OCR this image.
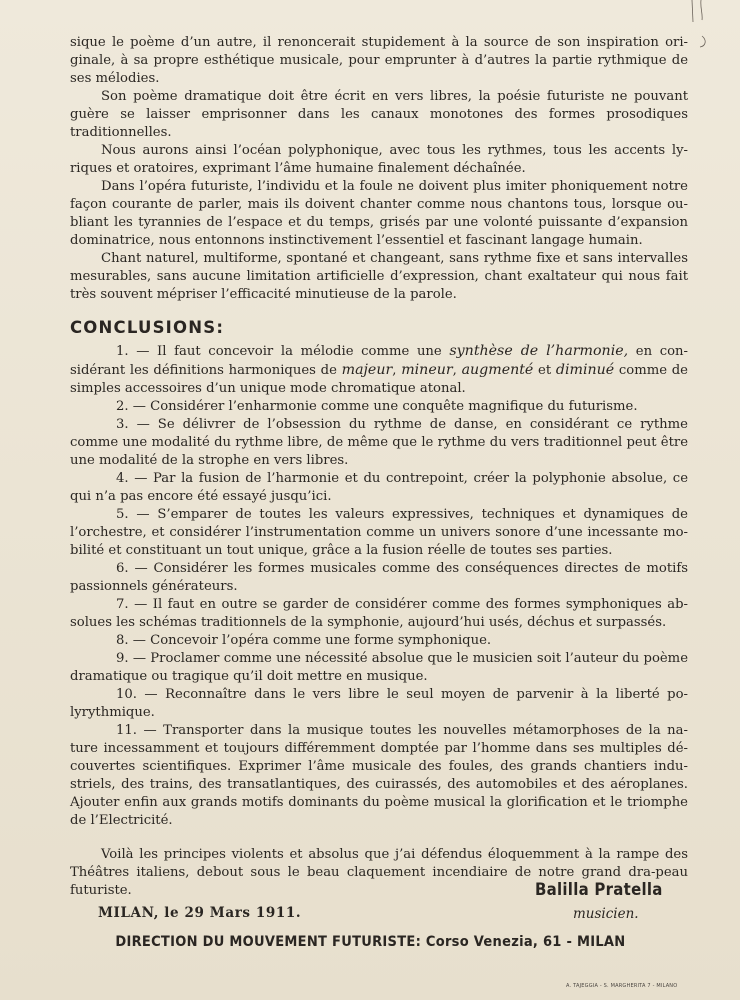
sique le poème d’un autre, il renoncerait stupidement à la source de son inspiration ori-ginale, à sa propre esthétique musicale, pour emprunter à d’autres la partie rythmique de ses mélodies.

Son poème dramatique doit être écrit en vers libres, la poésie futuriste ne pouvant guère se laisser emprisonner dans les canaux monotones des formes prosodiques traditionnelles.

Nous aurons ainsi l’océan polyphonique, avec tous les rythmes, tous les accents ly-riques et oratoires, exprimant l’âme humaine finalement déchaînée.

Dans l’opéra futuriste, l’individu et la foule ne doivent plus imiter phoniquement notre façon courante de parler, mais ils doivent chanter comme nous chantons tous, lorsque ou-bliant les tyrannies de l’espace et du temps, grisés par une volonté puissante d’expansion dominatrice, nous entonnons instinctivement l’essentiel et fascinant langage humain.

Chant naturel, multiforme, spontané et changeant, sans rythme fixe et sans intervalles mesurables, sans aucune limitation artificielle d’expression, chant exaltateur qui nous fait très souvent mépriser l’efficacité minutieuse de la parole.

CONCLUSIONS:

1. — Il faut concevoir la mélodie comme une synthèse de l’harmonie, en con-sidérant les définitions harmoniques de majeur, mineur, augmenté et diminué comme de simples accessoires d’un unique mode chromatique atonal.

2. — Considérer l’enharmonie comme une conquête magnifique du futurisme.

3. — Se délivrer de l’obsession du rythme de danse, en considérant ce rythme comme une modalité du rythme libre, de même que le rythme du vers traditionnel peut être une modalité de la strophe en vers libres.

4. — Par la fusion de l’harmonie et du contrepoint, créer la polyphonie absolue, ce qui n’a pas encore été essayé jusqu’ici.

5. — S’emparer de toutes les valeurs expressives, techniques et dynamiques de l’orchestre, et considérer l’instrumentation comme un univers sonore d’une incessante mo-bilité et constituant un tout unique, grâce a la fusion réelle de toutes ses parties.

6. — Considérer les formes musicales comme des conséquences directes de motifs passionnels générateurs.

7. — Il faut en outre se garder de considérer comme des formes symphoniques ab-solues les schémas traditionnels de la symphonie, aujourd’hui usés, déchus et surpassés.

8. — Concevoir l’opéra comme une forme symphonique.

9. — Proclamer comme une nécessité absolue que le musicien soit l’auteur du poème dramatique ou tragique qu’il doit mettre en musique.

10. — Reconnaître dans le vers libre le seul moyen de parvenir à la liberté po-lyrythmique.

11. — Transporter dans la musique toutes les nouvelles métamorphoses de la na-ture incessamment et toujours différemment domptée par l’homme dans ses multiples dé-couvertes scientifiques. Exprimer l’âme musicale des foules, des grands chantiers indu-striels, des trains, des transatlantiques, des cuirassés, des automobiles et des aéroplanes. Ajouter enfin aux grands motifs dominants du poème musical la glorification et le triomphe de l’Electricité.

Voilà les principes violents et absolus que j’ai défendus éloquemment à la rampe des Théâtres italiens, debout sous le beau claquement incendiaire de notre grand dra-peau futuriste.	Balilla Pratella
musicien.
MILAN, le 29 Mars 1911.
DIRECTION DU MOUVEMENT FUTURISTE: Corso Venezia, 61 - MILAN
A. TAJEGGIA - S. MARGHERITA 7 - MILANO
